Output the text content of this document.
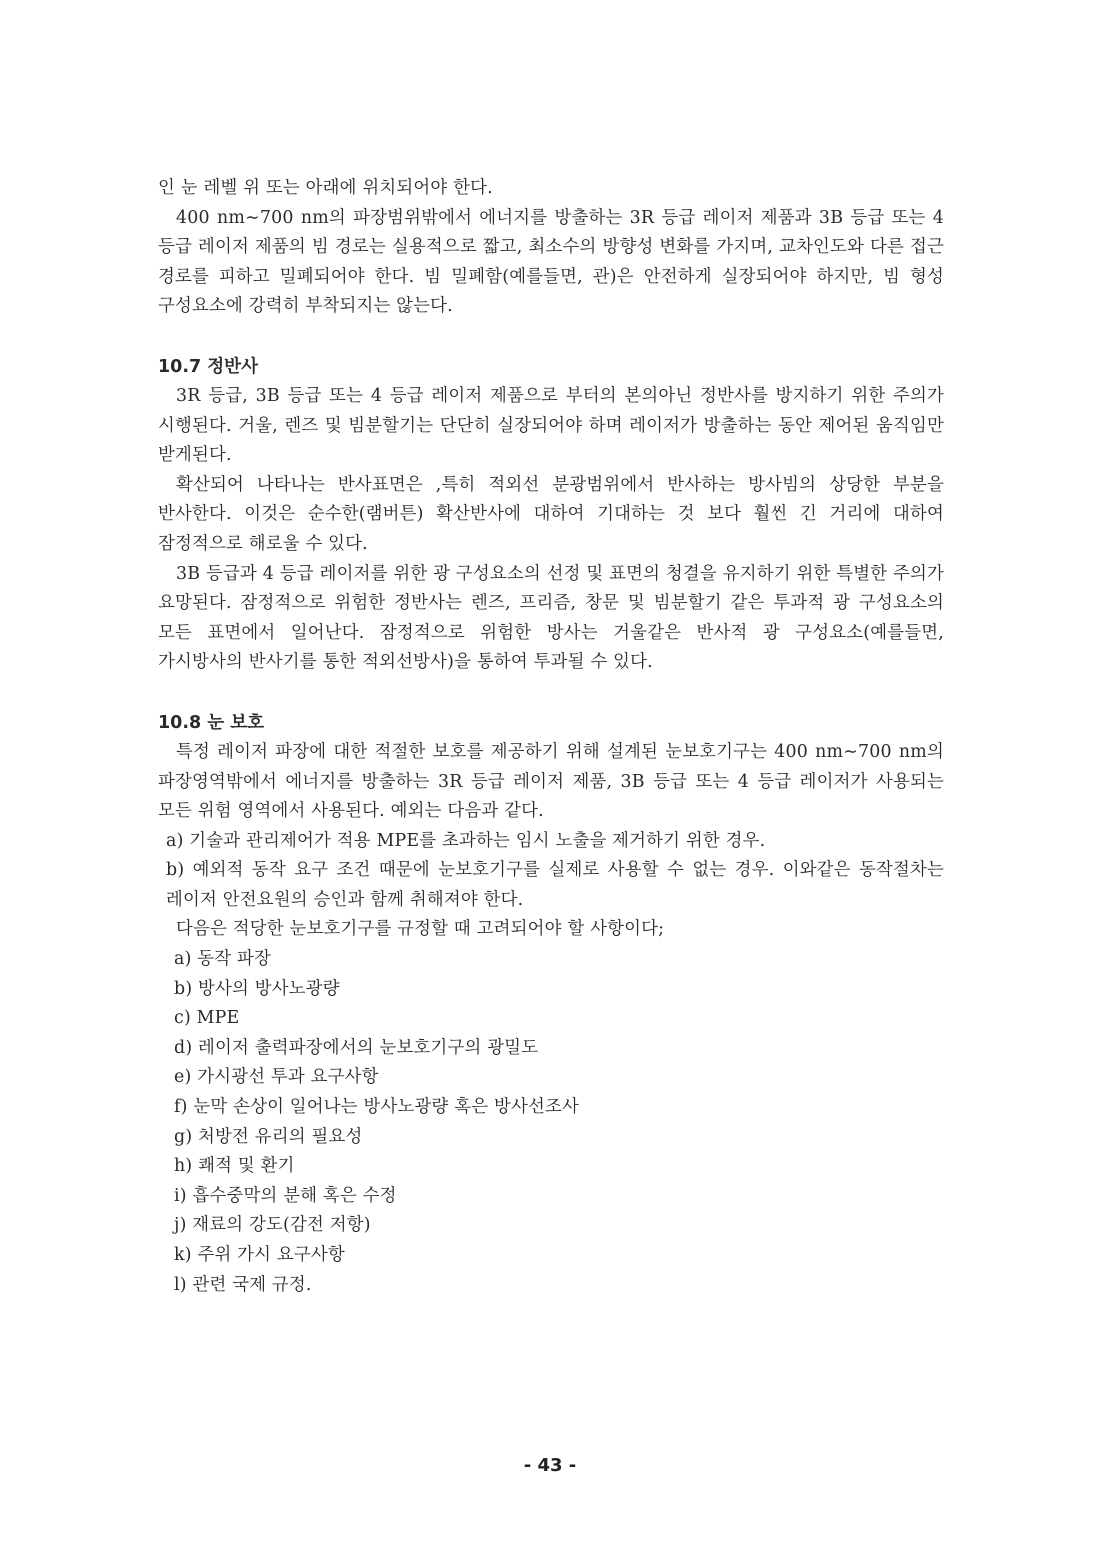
인 눈 레벨 위 또는 아래에 위치되어야 한다.

400 nm∼700 nm의 파장범위밖에서 에너지를 방출하는 3R 등급 레이저 제품과 3B 등급 또는 4 등급 레이저 제품의 빔 경로는 실용적으로 짧고, 최소수의 방향성 변화를 가지며, 교차인도와 다른 접근 경로를 피하고 밀폐되어야 한다. 빔 밀폐함(예를들면, 관)은 안전하게 실장되어야 하지만, 빔 형성 구성요소에 강력히 부착되지는 않는다.

10.7 정반사

3R 등급, 3B 등급 또는 4 등급 레이저 제품으로 부터의 본의아닌 정반사를 방지하기 위한 주의가 시행된다. 거울, 렌즈 및 빔분할기는 단단히 실장되어야 하며 레이저가 방출하는 동안 제어된 움직임만 받게된다.

확산되어 나타나는 반사표면은 ,특히 적외선 분광범위에서 반사하는 방사빔의 상당한 부분을 반사한다. 이것은 순수한(램버튼) 확산반사에 대하여 기대하는 것 보다 훨씬 긴 거리에 대하여 잠정적으로 해로울 수 있다.

3B 등급과 4 등급 레이저를 위한 광 구성요소의 선정 및 표면의 청결을 유지하기 위한 특별한 주의가 요망된다. 잠정적으로 위험한 정반사는 렌즈, 프리즘, 창문 및 빔분할기 같은 투과적 광 구성요소의 모든 표면에서 일어난다. 잠정적으로 위험한 방사는 거울같은 반사적 광 구성요소(예를들면, 가시방사의 반사기를 통한 적외선방사)을 통하여 투과될 수 있다.

10.8 눈 보호

특정 레이저 파장에 대한 적절한 보호를 제공하기 위해 설계된 눈보호기구는 400 nm∼700 nm의 파장영역밖에서 에너지를 방출하는 3R 등급 레이저 제품, 3B 등급 또는 4 등급 레이저가 사용되는 모든 위험 영역에서 사용된다. 예외는 다음과 같다.

a) 기술과 관리제어가 적용 MPE를 초과하는 임시 노출을 제거하기 위한 경우.

b) 예외적 동작 요구 조건 때문에 눈보호기구를 실제로 사용할 수 없는 경우. 이와같은 동작절차는 레이저 안전요원의 승인과 함께 취해져야 한다.

다음은 적당한 눈보호기구를 규정할 때 고려되어야 할 사항이다;

a) 동작 파장
b) 방사의 방사노광량
c) MPE
d) 레이저 출력파장에서의 눈보호기구의 광밀도
e) 가시광선 투과 요구사항
f) 눈막 손상이 일어나는 방사노광량 혹은 방사선조사
g) 처방전 유리의 필요성
h) 쾌적 및 환기
i) 흡수중막의 분해 혹은 수정
j) 재료의 강도(감전 저항)
k) 주위 가시 요구사항
l) 관련 국제 규정.
- 43 -
